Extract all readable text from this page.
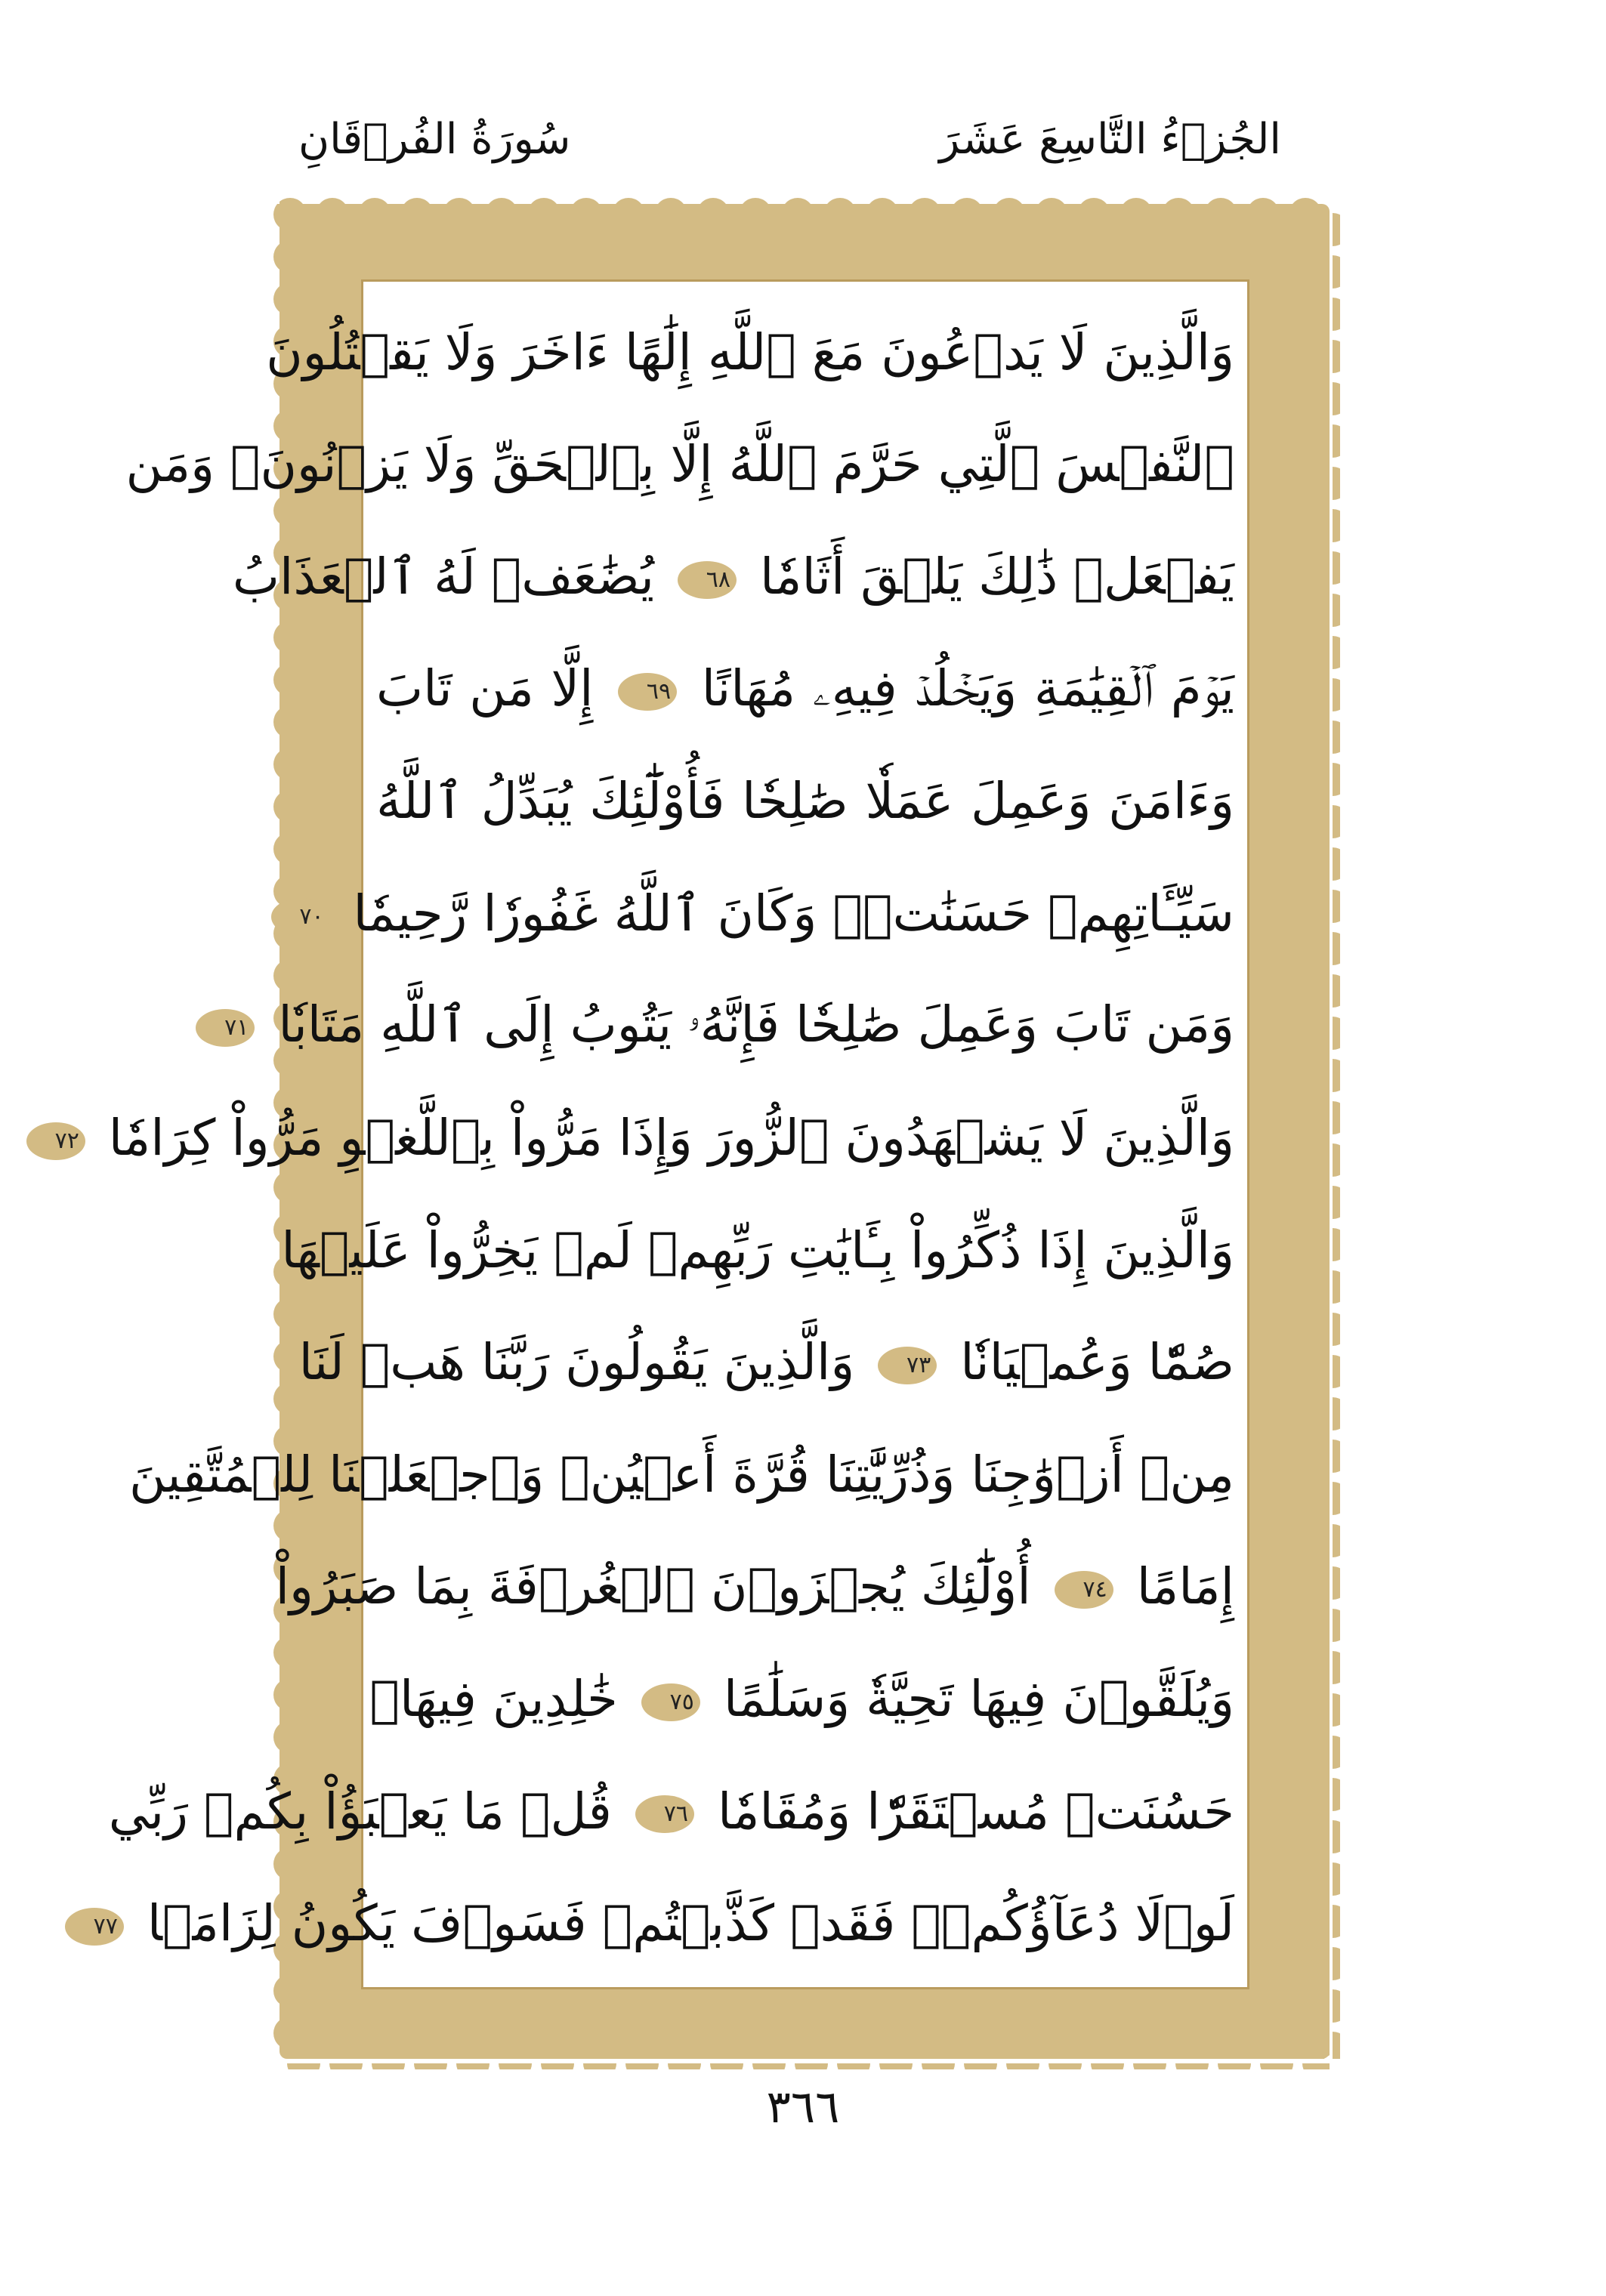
سُورَةُ الفُرۡقَانِ	الجُزۡءُ التَّاسِعَ عَشَرَ
وَالَّذِينَ لَا يَدۡعُونَ مَعَ ٱللَّهِ إِلَٰهًا ءَاخَرَ وَلَا يَقۡتُلُونَ
ٱلنَّفۡسَ ٱلَّتِي حَرَّمَ ٱللَّهُ إِلَّا بِٱلۡحَقِّ وَلَا يَزۡنُونَۚ وَمَن
يَفۡعَلۡ ذَٰلِكَ يَلۡقَ أَثَامٗا ٦٨ يُضَٰعَفۡ لَهُ ٱلۡعَذَابُ
يَوۡمَ ٱلۡقِيَٰمَةِ وَيَخۡلُدۡ فِيهِۦ مُهَانًا ٦٩ إِلَّا مَن تَابَ
وَءَامَنَ وَعَمِلَ عَمَلٗا صَٰلِحٗا فَأُوْلَٰٓئِكَ يُبَدِّلُ ٱللَّهُ
سَيِّـَٔاتِهِمۡ حَسَنَٰتٖۗ وَكَانَ ٱللَّهُ غَفُورٗا رَّحِيمٗا ٧٠
وَمَن تَابَ وَعَمِلَ صَٰلِحٗا فَإِنَّهُۥ يَتُوبُ إِلَى ٱللَّهِ مَتَابٗا ٧١
وَالَّذِينَ لَا يَشۡهَدُونَ ٱلزُّورَ وَإِذَا مَرُّواْ بِٱللَّغۡوِ مَرُّواْ كِرَامٗا ٧٢
وَالَّذِينَ إِذَا ذُكِّرُواْ بِـَٔايَٰتِ رَبِّهِمۡ لَمۡ يَخِرُّواْ عَلَيۡهَا
صُمّٗا وَعُمۡيَانٗا ٧٣ وَالَّذِينَ يَقُولُونَ رَبَّنَا هَبۡ لَنَا
مِنۡ أَزۡوَٰجِنَا وَذُرِّيَّٰتِنَا قُرَّةَ أَعۡيُنٖ وَٱجۡعَلۡنَا لِلۡمُتَّقِينَ
إِمَامًا ٧٤ أُوْلَٰٓئِكَ يُجۡزَوۡنَ ٱلۡغُرۡفَةَ بِمَا صَبَرُواْ
وَيُلَقَّوۡنَ فِيهَا تَحِيَّةٗ وَسَلَٰمًا ٧٥ خَٰلِدِينَ فِيهَاۚ
حَسُنَتۡ مُسۡتَقَرّٗا وَمُقَامٗا ٧٦ قُلۡ مَا يَعۡبَؤُاْ بِكُمۡ رَبِّي
لَوۡلَا دُعَآؤُكُمۡۖ فَقَدۡ كَذَّبۡتُمۡ فَسَوۡفَ يَكُونُ لِزَامَۢا ٧٧
٣٦٦
